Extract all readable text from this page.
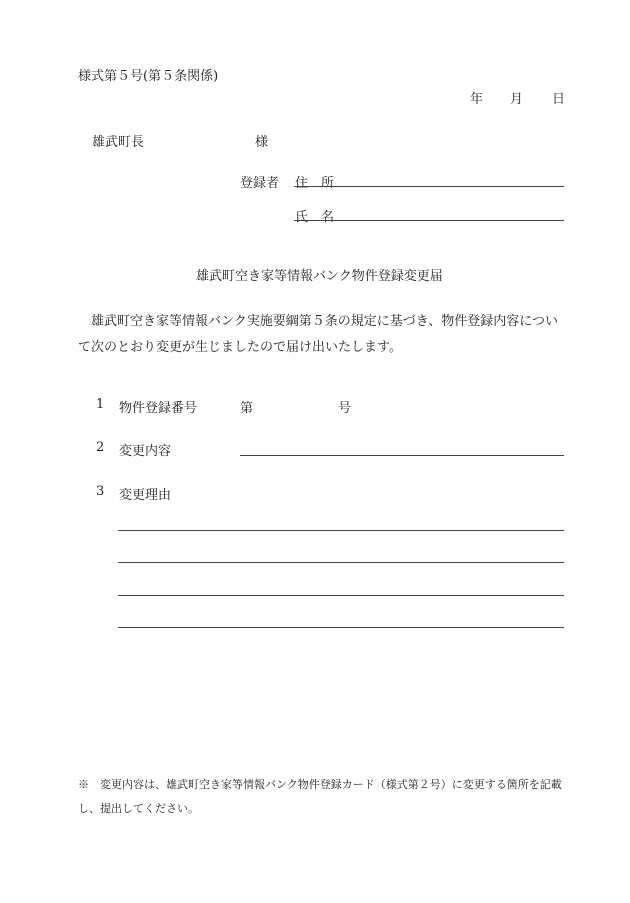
様式第５号(第５条関係)
年 月 日
雄武町長	様
登録者 住　所
氏　名
雄武町空き家等情報バンク物件登録変更届
　雄武町空き家等情報バンク実施要綱第５条の規定に基づき、物件登録内容について次のとおり変更が生じましたので届け出いたします。
1 物件登録番号	第	号
2 変更内容
3 変更理由
※　変更内容は、雄武町空き家等情報バンク物件登録カード（様式第２号）に変更する箇所を記載し、提出してください。
